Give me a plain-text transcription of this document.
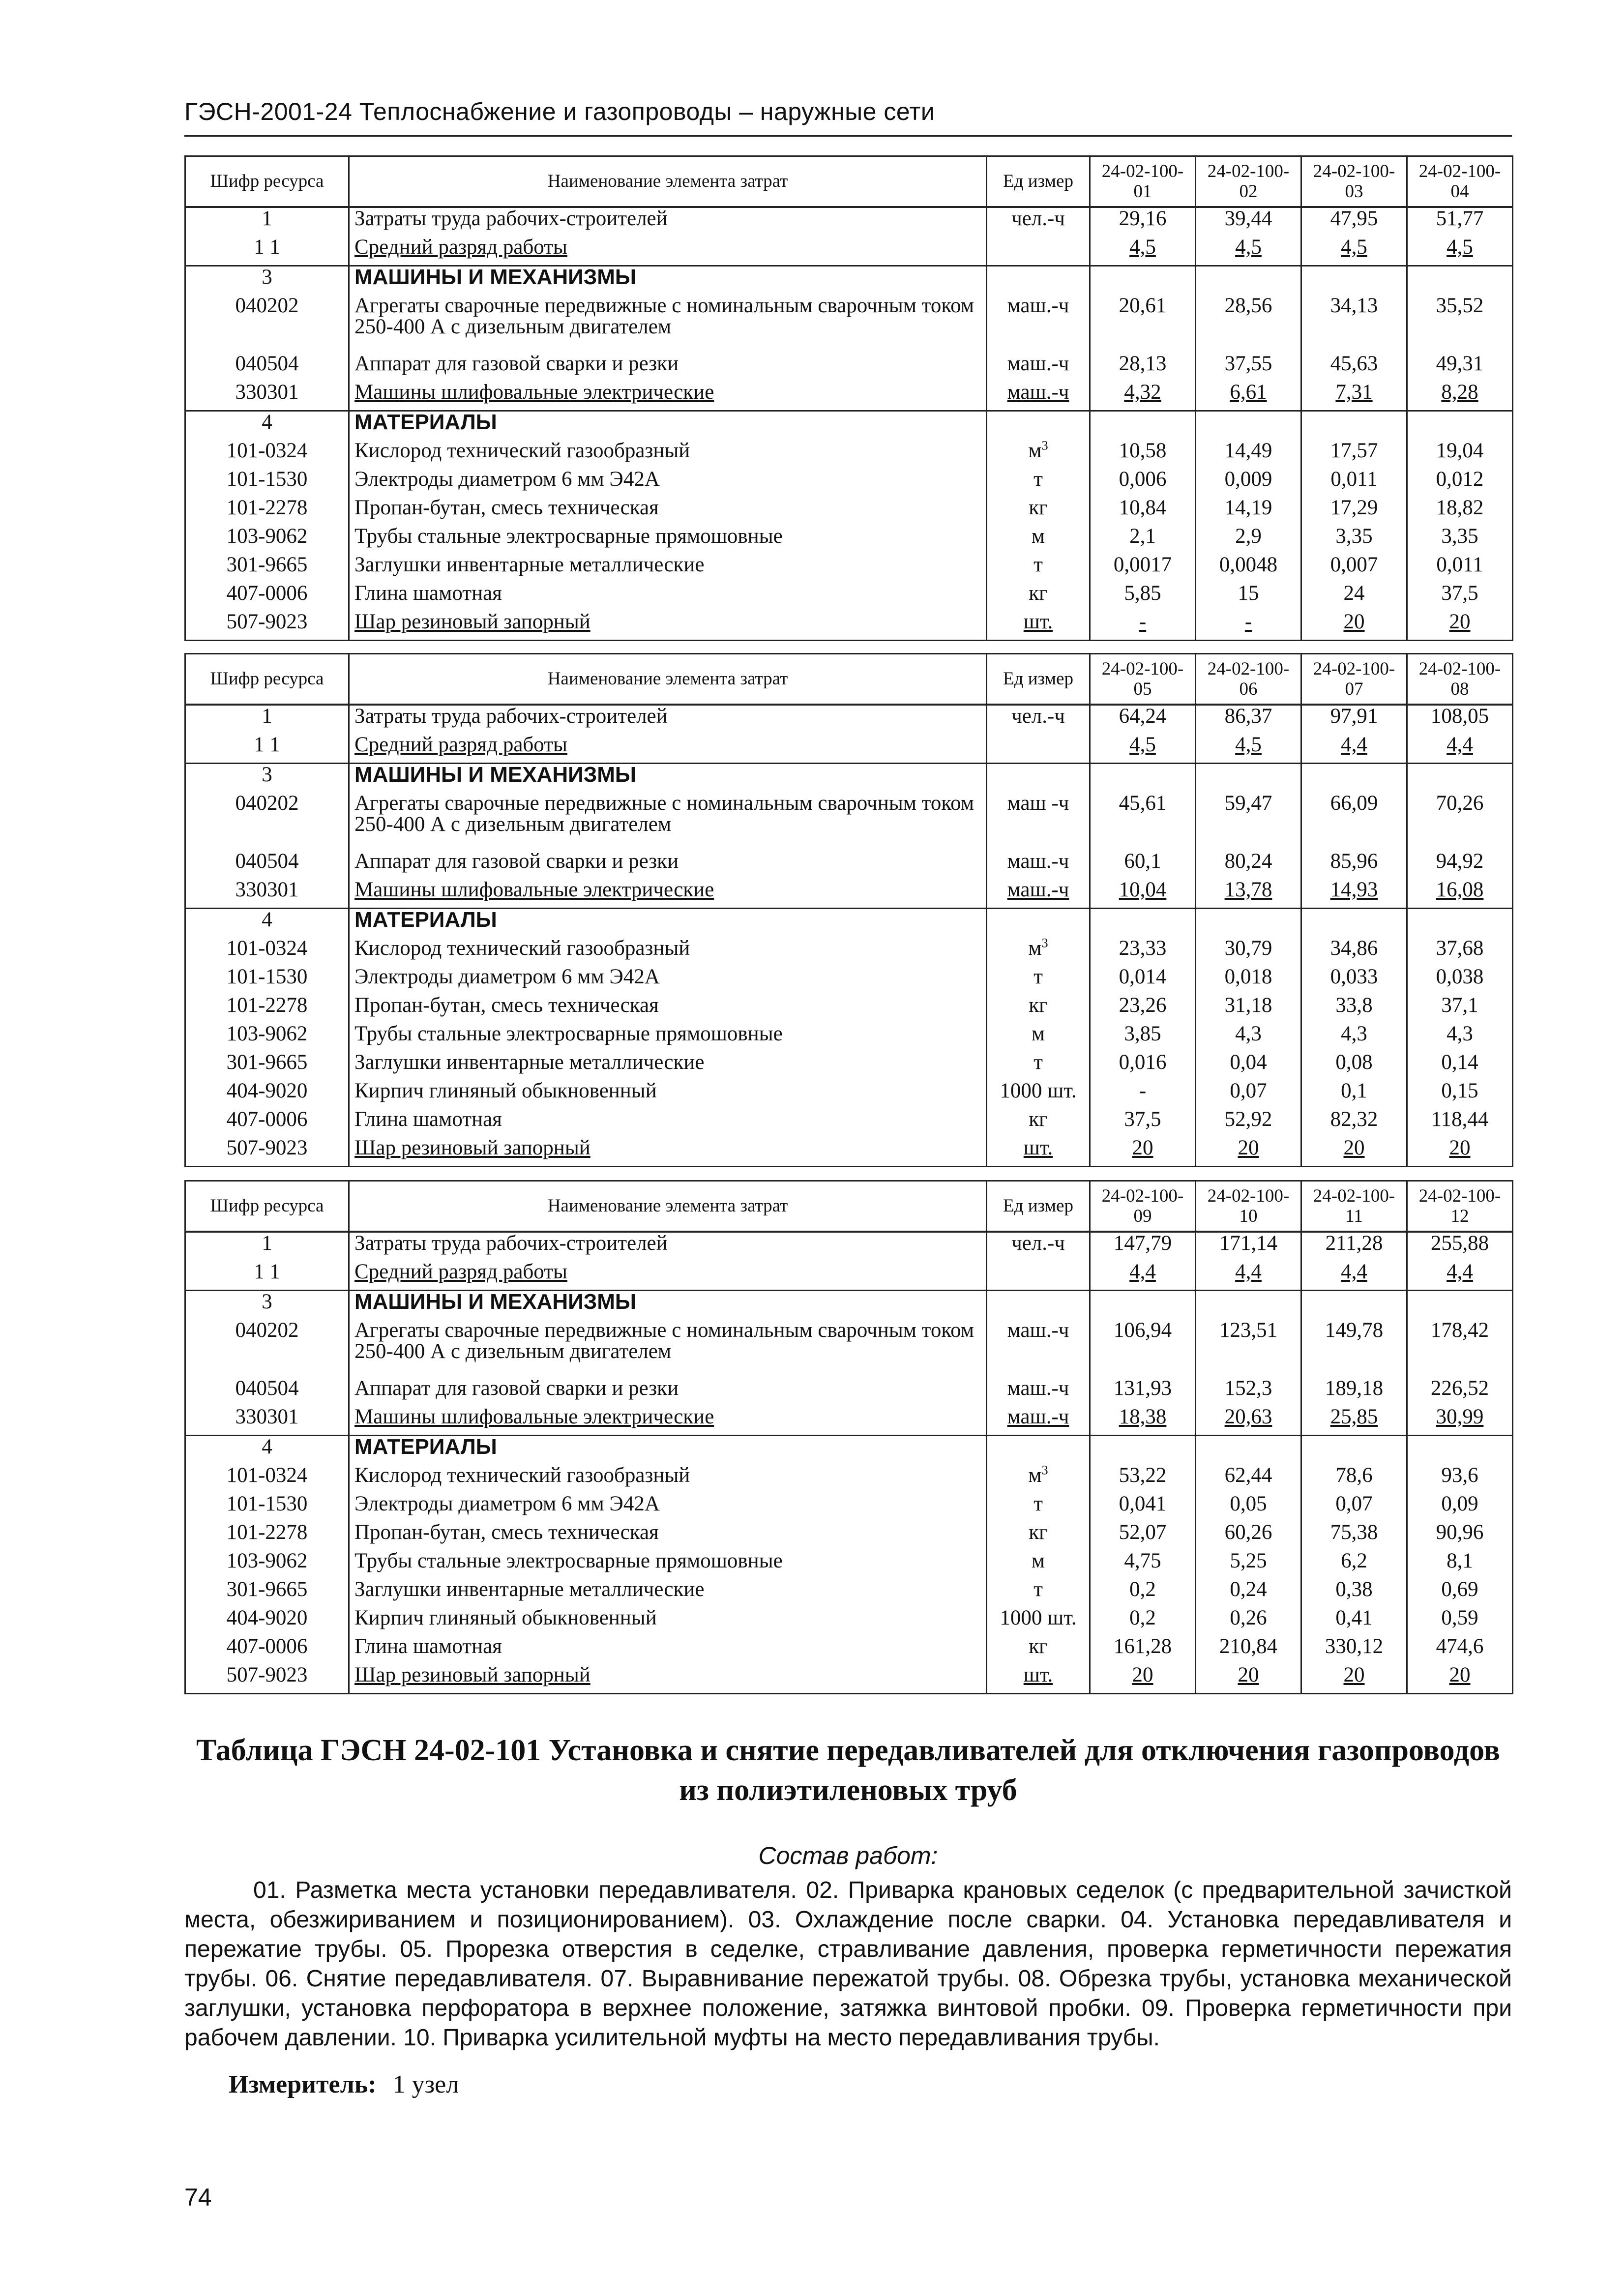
ГЭСН-2001-24 Теплоснабжение и газопроводы – наружные сети
Шифр ресурса	Наименование элемента затрат	Ед измер	24-02-100-01	24-02-100-02	24-02-100-03	24-02-100-04
1	Затраты труда рабочих-строителей	чел.-ч	29,16	39,44	47,95	51,77
1 1	Средний разряд работы		4,5	4,5	4,5	4,5
3	МАШИНЫ И МЕХАНИЗМЫ					
040202	Агрегаты сварочные передвижные с номинальным сварочным током 250-400 А с дизельным двигателем	маш.-ч	20,61	28,56	34,13	35,52
040504	Аппарат для газовой сварки и резки	маш.-ч	28,13	37,55	45,63	49,31
330301	Машины шлифовальные электрические	маш.-ч	4,32	6,61	7,31	8,28
4	МАТЕРИАЛЫ					
101-0324	Кислород технический газообразный	$м^3$	10,58	14,49	17,57	19,04
101-1530	Электроды диаметром 6 мм Э42А	т	0,006	0,009	0,011	0,012
101-2278	Пропан-бутан, смесь техническая	кг	10,84	14,19	17,29	18,82
103-9062	Трубы стальные электросварные прямошовные	м	2,1	2,9	3,35	3,35
301-9665	Заглушки инвентарные металлические	т	0,0017	0,0048	0,007	0,011
407-0006	Глина шамотная	кг	5,85	15	24	37,5
507-9023	Шар резиновый запорный	шт.	-	-	20	20
Шифр ресурса	Наименование элемента затрат	Ед измер	24-02-100-05	24-02-100-06	24-02-100-07	24-02-100-08
1	Затраты труда рабочих-строителей	чел.-ч	64,24	86,37	97,91	108,05
1 1	Средний разряд работы		4,5	4,5	4,4	4,4
3	МАШИНЫ И МЕХАНИЗМЫ					
040202	Агрегаты сварочные передвижные с номинальным сварочным током 250-400 А с дизельным двигателем	маш -ч	45,61	59,47	66,09	70,26
040504	Аппарат для газовой сварки и резки	маш.-ч	60,1	80,24	85,96	94,92
330301	Машины шлифовальные электрические	маш.-ч	10,04	13,78	14,93	16,08
4	МАТЕРИАЛЫ					
101-0324	Кислород технический газообразный	$м^3$	23,33	30,79	34,86	37,68
101-1530	Электроды диаметром 6 мм Э42А	т	0,014	0,018	0,033	0,038
101-2278	Пропан-бутан, смесь техническая	кг	23,26	31,18	33,8	37,1
103-9062	Трубы стальные электросварные прямошовные	м	3,85	4,3	4,3	4,3
301-9665	Заглушки инвентарные металлические	т	0,016	0,04	0,08	0,14
404-9020	Кирпич глиняный обыкновенный	1000 шт.	-	0,07	0,1	0,15
407-0006	Глина шамотная	кг	37,5	52,92	82,32	118,44
507-9023	Шар резиновый запорный	шт.	20	20	20	20
Шифр ресурса	Наименование элемента затрат	Ед измер	24-02-100-09	24-02-100-10	24-02-100-11	24-02-100-12
1	Затраты труда рабочих-строителей	чел.-ч	147,79	171,14	211,28	255,88
1 1	Средний разряд работы		4,4	4,4	4,4	4,4
3	МАШИНЫ И МЕХАНИЗМЫ					
040202	Агрегаты сварочные передвижные с номинальным сварочным током 250-400 А с дизельным двигателем	маш.-ч	106,94	123,51	149,78	178,42
040504	Аппарат для газовой сварки и резки	маш.-ч	131,93	152,3	189,18	226,52
330301	Машины шлифовальные электрические	маш.-ч	18,38	20,63	25,85	30,99
4	МАТЕРИАЛЫ					
101-0324	Кислород технический газообразный	$м^3$	53,22	62,44	78,6	93,6
101-1530	Электроды диаметром 6 мм Э42А	т	0,041	0,05	0,07	0,09
101-2278	Пропан-бутан, смесь техническая	кг	52,07	60,26	75,38	90,96
103-9062	Трубы стальные электросварные прямошовные	м	4,75	5,25	6,2	8,1
301-9665	Заглушки инвентарные металлические	т	0,2	0,24	0,38	0,69
404-9020	Кирпич глиняный обыкновенный	1000 шт.	0,2	0,26	0,41	0,59
407-0006	Глина шамотная	кг	161,28	210,84	330,12	474,6
507-9023	Шар резиновый запорный	шт.	20	20	20	20
Таблица ГЭСН 24-02-101 Установка и снятие передавливателей для отключения газопроводов из полиэтиленовых труб
Состав работ:
01. Разметка места установки передавливателя. 02. Приварка крановых седелок (с предварительной зачисткой места, обезжириванием и позиционированием). 03. Охлаждение после сварки. 04. Установка передавливателя и пережатие трубы. 05. Прорезка отверстия в седелке, стравливание давления, проверка герметичности пережатия трубы. 06. Снятие передавливателя. 07. Выравнивание пережатой трубы. 08. Обрезка трубы, установка механической заглушки, установка перфоратора в верхнее положение, затяжка винтовой пробки. 09. Проверка герметичности при рабочем давлении. 10. Приварка усилительной муфты на место передавливания трубы.
Измеритель: 1 узел
74
